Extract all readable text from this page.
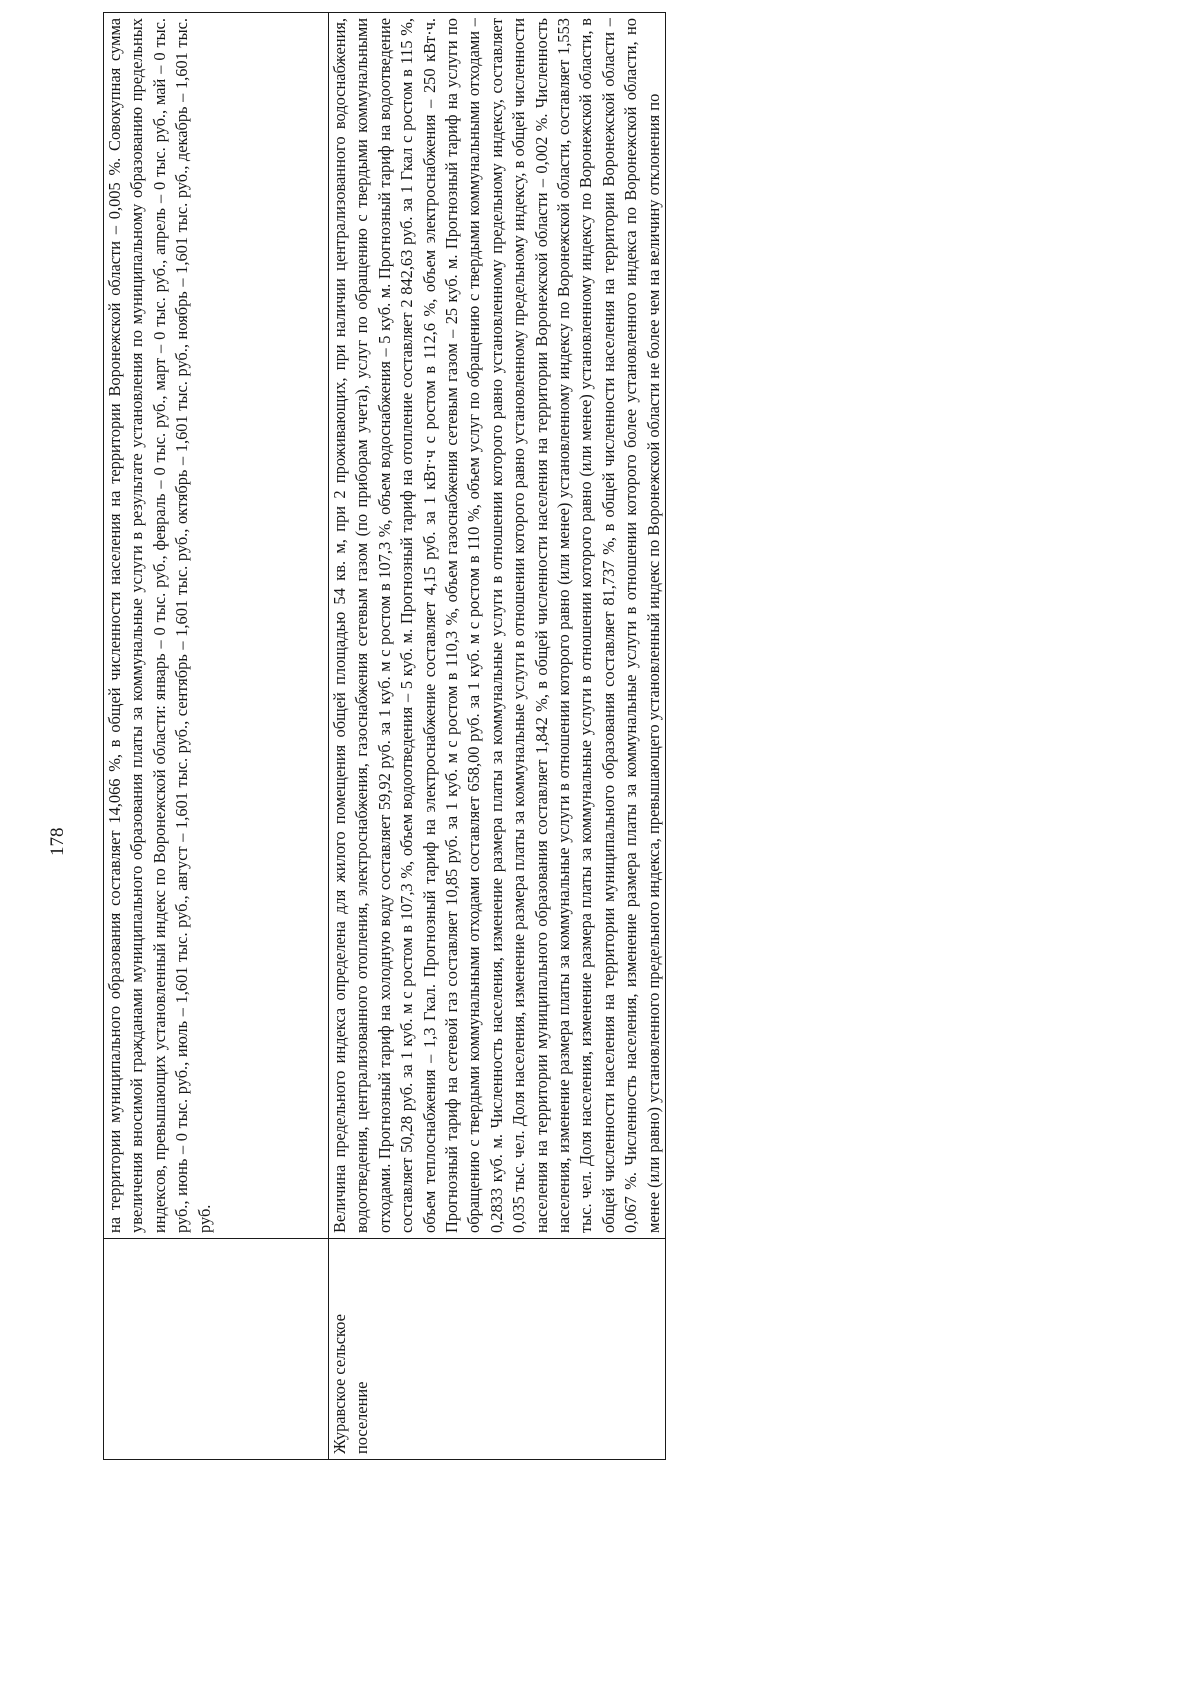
178

	на территории муниципального образования составляет 14,066 %, в общей численности населения на территории Воронежской области – 0,005 %. Совокупная сумма увеличения вносимой гражданами муниципального образования платы за коммунальные услуги в результате установления по муниципальному образованию предельных индексов, превышающих установленный индекс по Воронежской области: январь – 0 тыс. руб., февраль – 0 тыс. руб., март – 0 тыс. руб., апрель – 0 тыс. руб., май – 0 тыс. руб., июнь – 0 тыс. руб., июль – 1,601 тыс. руб., август – 1,601 тыс. руб., сентябрь – 1,601 тыс. руб., октябрь – 1,601 тыс. руб., ноябрь – 1,601 тыс. руб., декабрь – 1,601 тыс. руб.

Журавское сельское поселение	Величина предельного индекса определена для жилого помещения общей площадью 54 кв. м, при 2 проживающих, при наличии централизованного водоснабжения, водоотведения, централизованного отопления, электроснабжения, газоснабжения сетевым газом (по приборам учета), услуг по обращению с твердыми коммунальными отходами. Прогнозный тариф на холодную воду составляет 59,92 руб. за 1 куб. м с ростом в 107,3 %, объем водоснабжения – 5 куб. м. Прогнозный тариф на водоотведение составляет 50,28 руб. за 1 куб. м с ростом в 107,3 %, объем водоотведения – 5 куб. м. Прогнозный тариф на отопление составляет 2 842,63 руб. за 1 Гкал с ростом в 115 %, объем теплоснабжения – 1,3 Гкал. Прогнозный тариф на электроснабжение составляет 4,15 руб. за 1 кВт·ч с ростом в 112,6 %, объем электроснабжения – 250 кВт·ч. Прогнозный тариф на сетевой газ составляет 10,85 руб. за 1 куб. м с ростом в 110,3 %, объем газоснабжения сетевым газом – 25 куб. м. Прогнозный тариф на услуги по обращению с твердыми коммунальными отходами составляет 658,00 руб. за 1 куб. м с ростом в 110 %, объем услуг по обращению с твердыми коммунальными отходами – 0,2833 куб. м. Численность населения, изменение размера платы за коммунальные услуги в отношении которого равно установленному предельному индексу, составляет 0,035 тыс. чел. Доля населения, изменение размера платы за коммунальные услуги в отношении которого равно установленному предельному индексу, в общей численности населения на территории муниципального образования составляет 1,842 %, в общей численности населения на территории Воронежской области – 0,002 %. Численность населения, изменение размера платы за коммунальные услуги в отношении которого равно (или менее) установленному индексу по Воронежской области, составляет 1,553 тыс. чел. Доля населения, изменение размера платы за коммунальные услуги в отношении которого равно (или менее) установленному индексу по Воронежской области, в общей численности населения на территории муниципального образования составляет 81,737 %, в общей численности населения на территории Воронежской области – 0,067 %. Численность населения, изменение размера платы за коммунальные услуги в отношении которого более установленного индекса по Воронежской области, но менее (или равно) установленного предельного индекса, превышающего установленный индекс по Воронежской области не более чем на величину отклонения по
